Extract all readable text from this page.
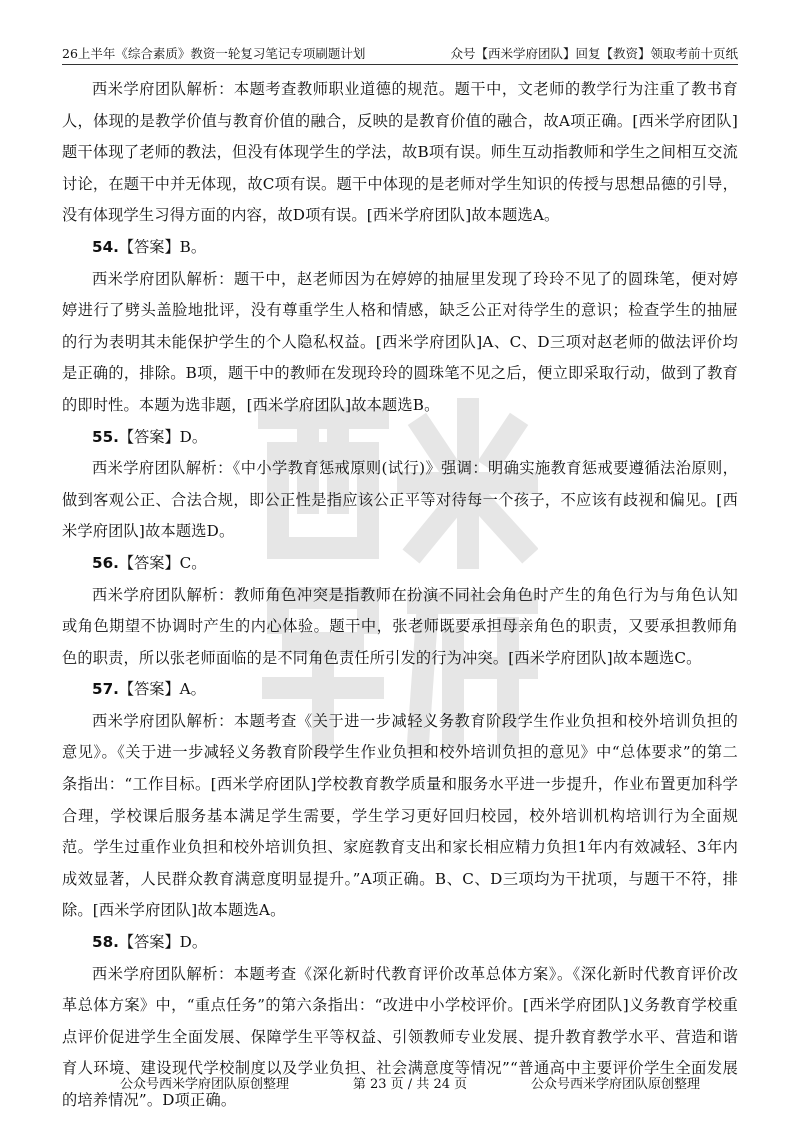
26上半年《综合素质》教资一轮复习笔记专项刷题计划	众号【西米学府团队】回复【教资】领取考前十页纸

西米学府团队解析：本题考查教师职业道德的规范。题干中，文老师的教学行为注重了教书育人，体现的是教学价值与教育价值的融合，反映的是教育价值的融合，故A项正确。[西米学府团队]题干体现了老师的教法，但没有体现学生的学法，故B项有误。师生互动指教师和学生之间相互交流讨论，在题干中并无体现，故C项有误。题干中体现的是老师对学生知识的传授与思想品德的引导，没有体现学生习得方面的内容，故D项有误。[西米学府团队]故本题选A。

54.【答案】B。

西米学府团队解析：题干中，赵老师因为在婷婷的抽屉里发现了玲玲不见了的圆珠笔，便对婷婷进行了劈头盖脸地批评，没有尊重学生人格和情感，缺乏公正对待学生的意识；检查学生的抽屉的行为表明其未能保护学生的个人隐私权益。[西米学府团队]A、C、D三项对赵老师的做法评价均是正确的，排除。B项，题干中的教师在发现玲玲的圆珠笔不见之后，便立即采取行动，做到了教育的即时性。本题为选非题，[西米学府团队]故本题选B。

55.【答案】D。

西米学府团队解析：《中小学教育惩戒原则(试行)》强调：明确实施教育惩戒要遵循法治原则，做到客观公正、合法合规，即公正性是指应该公正平等对待每一个孩子，不应该有歧视和偏见。[西米学府团队]故本题选D。

56.【答案】C。

西米学府团队解析：教师角色冲突是指教师在扮演不同社会角色时产生的角色行为与角色认知或角色期望不协调时产生的内心体验。题干中，张老师既要承担母亲角色的职责，又要承担教师角色的职责，所以张老师面临的是不同角色责任所引发的行为冲突。[西米学府团队]故本题选C。

57.【答案】A。

西米学府团队解析：本题考查《关于进一步减轻义务教育阶段学生作业负担和校外培训负担的意见》。《关于进一步减轻义务教育阶段学生作业负担和校外培训负担的意见》中“总体要求”的第二条指出：“工作目标。[西米学府团队]学校教育教学质量和服务水平进一步提升，作业布置更加科学合理，学校课后服务基本满足学生需要，学生学习更好回归校园，校外培训机构培训行为全面规范。学生过重作业负担和校外培训负担、家庭教育支出和家长相应精力负担1年内有效减轻、3年内成效显著，人民群众教育满意度明显提升。”A项正确。B、C、D三项均为干扰项，与题干不符，排除。[西米学府团队]故本题选A。

58.【答案】D。

西米学府团队解析：本题考查《深化新时代教育评价改革总体方案》。《深化新时代教育评价改革总体方案》中，“重点任务”的第六条指出：“改进中小学校评价。[西米学府团队]义务教育学校重点评价促进学生全面发展、保障学生平等权益、引领教师专业发展、提升教育教学水平、营造和谐育人环境、建设现代学校制度以及学业负担、社会满意度等情况”“普通高中主要评价学生全面发展的培养情况”。D项正确。

公众号西米学府团队原创整理	第 23 页 / 共 24 页	公众号西米学府团队原创整理
